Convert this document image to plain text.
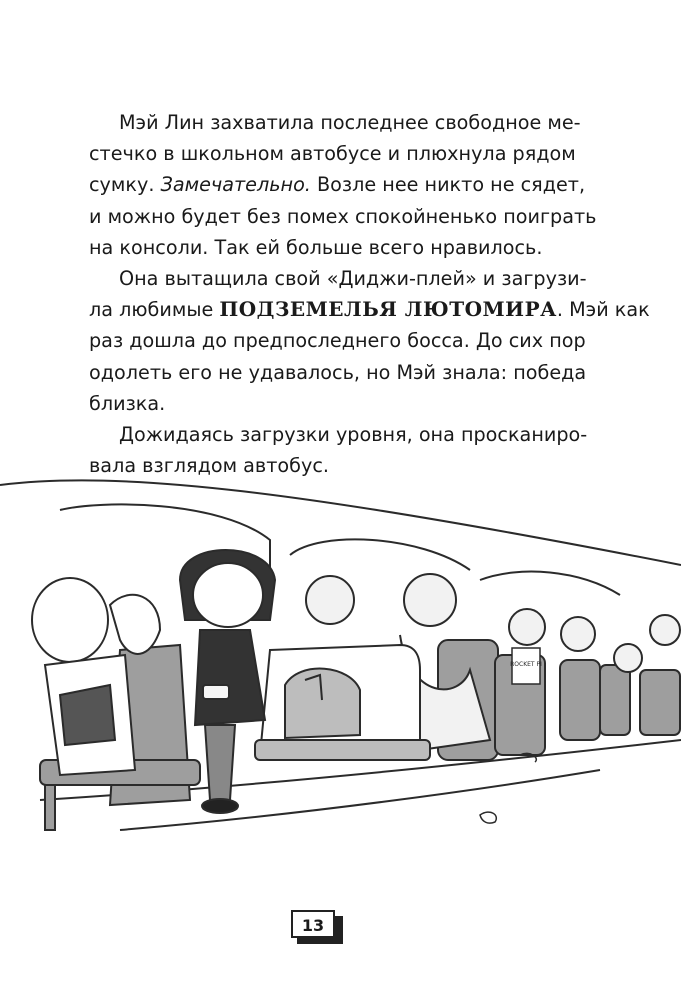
Мэй Лин захватила последнее свободное ме-
стечко в школьном автобусе и плюхнула рядом
сумку. Замечательно. Возле нее никто не сядет,
и можно будет без помех спокойненько поиграть
на консоли. Так ей больше всего нравилось.
Она вытащила свой «Диджи-плей» и загрузи-
ла любимые ПОДЗЕМЕЛЬЯ ЛЮТОМИРА. Мэй как
раз дошла до предпоследнего босса. До сих пор
одолеть его не удавалось, но Мэй знала: победа
близка.
Дожидаясь загрузки уровня, она просканиро-
вала взглядом автобус.
ROCKET PI
13
